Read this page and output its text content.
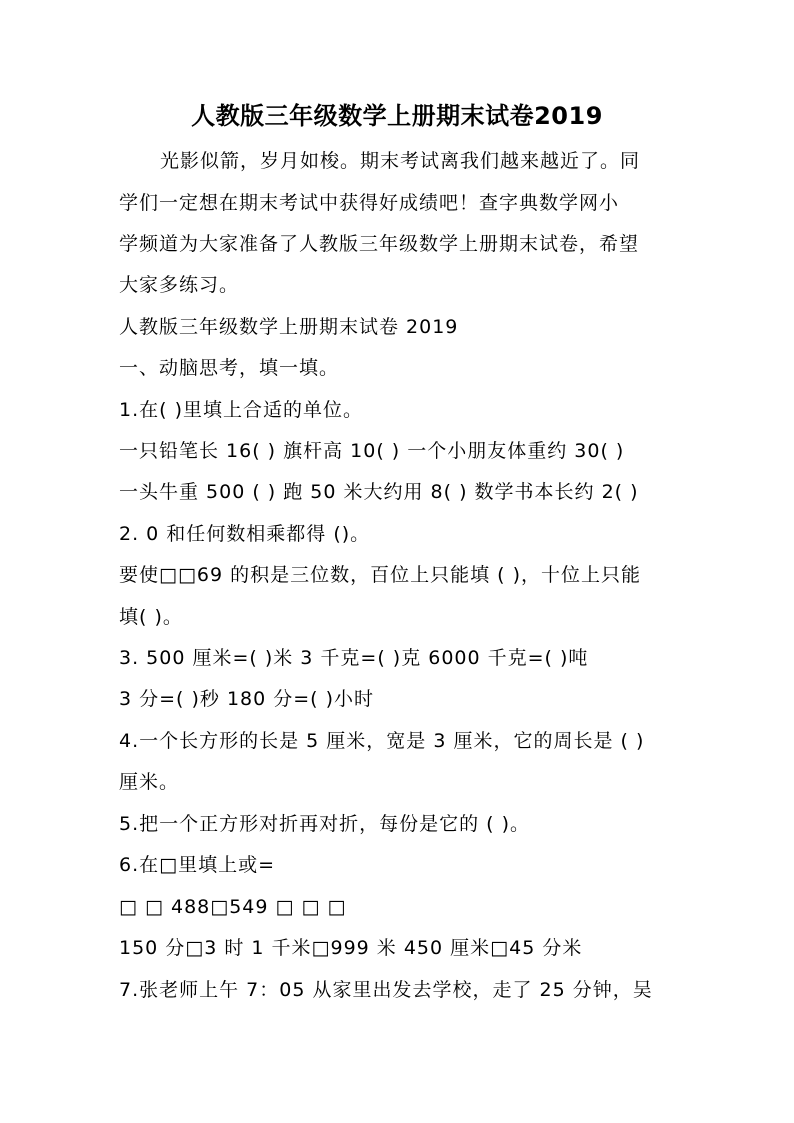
人教版三年级数学上册期末试卷2019
光影似箭，岁月如梭。期末考试离我们越来越近了。同
学们一定想在期末考试中获得好成绩吧！查字典数学网小
学频道为大家准备了人教版三年级数学上册期末试卷，希望
大家多练习。
人教版三年级数学上册期末试卷 2019
一、动脑思考，填一填。
1.在( )里填上合适的单位。
一只铅笔长 16( ) 旗杆高 10( ) 一个小朋友体重约 30( )
一头牛重 500 ( ) 跑 50 米大约用 8( ) 数学书本长约 2( )
2. 0 和任何数相乘都得 ()。
要使□□69 的积是三位数，百位上只能填 ( )，十位上只能
填( )。
3. 500 厘米=( )米 3 千克=( )克 6000 千克=( )吨
3 分=( )秒 180 分=( )小时
4.一个长方形的长是 5 厘米，宽是 3 厘米，它的周长是 ( )
厘米。
5.把一个正方形对折再对折，每份是它的 ( )。
6.在□里填上或=
□ □ 488□549 □ □ □
150 分□3 时 1 千米□999 米 450 厘米□45 分米
7.张老师上午 7：05 从家里出发去学校，走了 25 分钟，吴
